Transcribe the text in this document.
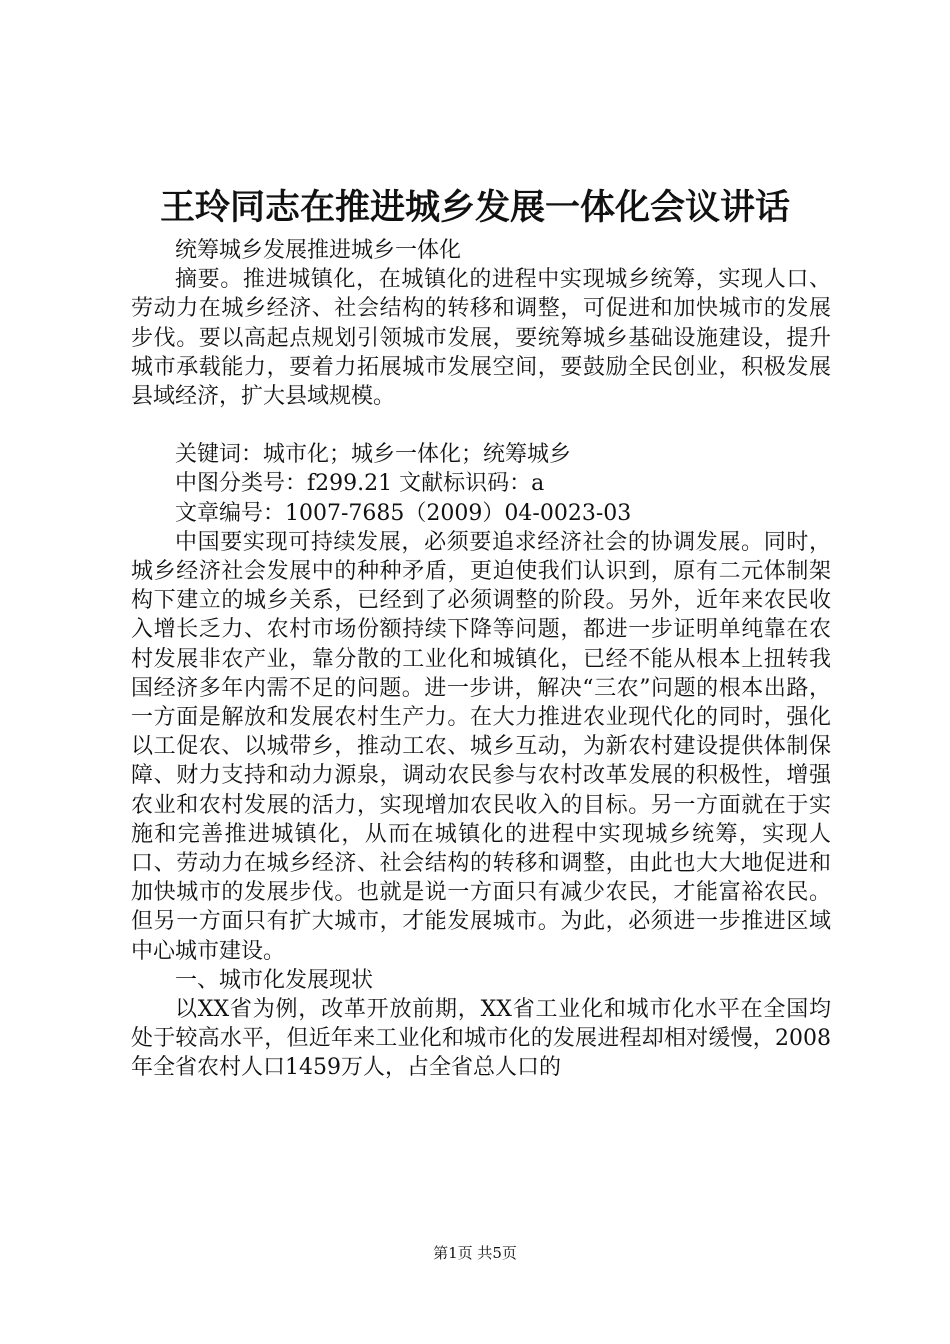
王玲同志在推进城乡发展一体化会议讲话

统筹城乡发展推进城乡一体化

摘要。推进城镇化，在城镇化的进程中实现城乡统筹，实现人口、劳动力在城乡经济、社会结构的转移和调整，可促进和加快城市的发展步伐。要以高起点规划引领城市发展，要统筹城乡基础设施建设，提升城市承载能力，要着力拓展城市发展空间，要鼓励全民创业，积极发展县域经济，扩大县域规模。

关键词：城市化；城乡一体化；统筹城乡

中图分类号：f299.21 文献标识码：a

文章编号：1007-7685（2009）04-0023-03

中国要实现可持续发展，必须要追求经济社会的协调发展。同时，城乡经济社会发展中的种种矛盾，更迫使我们认识到，原有二元体制架构下建立的城乡关系，已经到了必须调整的阶段。另外，近年来农民收入增长乏力、农村市场份额持续下降等问题，都进一步证明单纯靠在农村发展非农产业，靠分散的工业化和城镇化，已经不能从根本上扭转我国经济多年内需不足的问题。进一步讲，解决“三农”问题的根本出路，一方面是解放和发展农村生产力。在大力推进农业现代化的同时，强化以工促农、以城带乡，推动工农、城乡互动，为新农村建设提供体制保障、财力支持和动力源泉，调动农民参与农村改革发展的积极性，增强农业和农村发展的活力，实现增加农民收入的目标。另一方面就在于实施和完善推进城镇化，从而在城镇化的进程中实现城乡统筹，实现人口、劳动力在城乡经济、社会结构的转移和调整，由此也大大地促进和加快城市的发展步伐。也就是说一方面只有减少农民，才能富裕农民。但另一方面只有扩大城市，才能发展城市。为此，必须进一步推进区域中心城市建设。

一、城市化发展现状

以XX省为例，改革开放前期，XX省工业化和城市化水平在全国均处于较高水平，但近年来工业化和城市化的发展进程却相对缓慢，2008年全省农村人口1459万人，占全省总人口的

第1页 共5页
